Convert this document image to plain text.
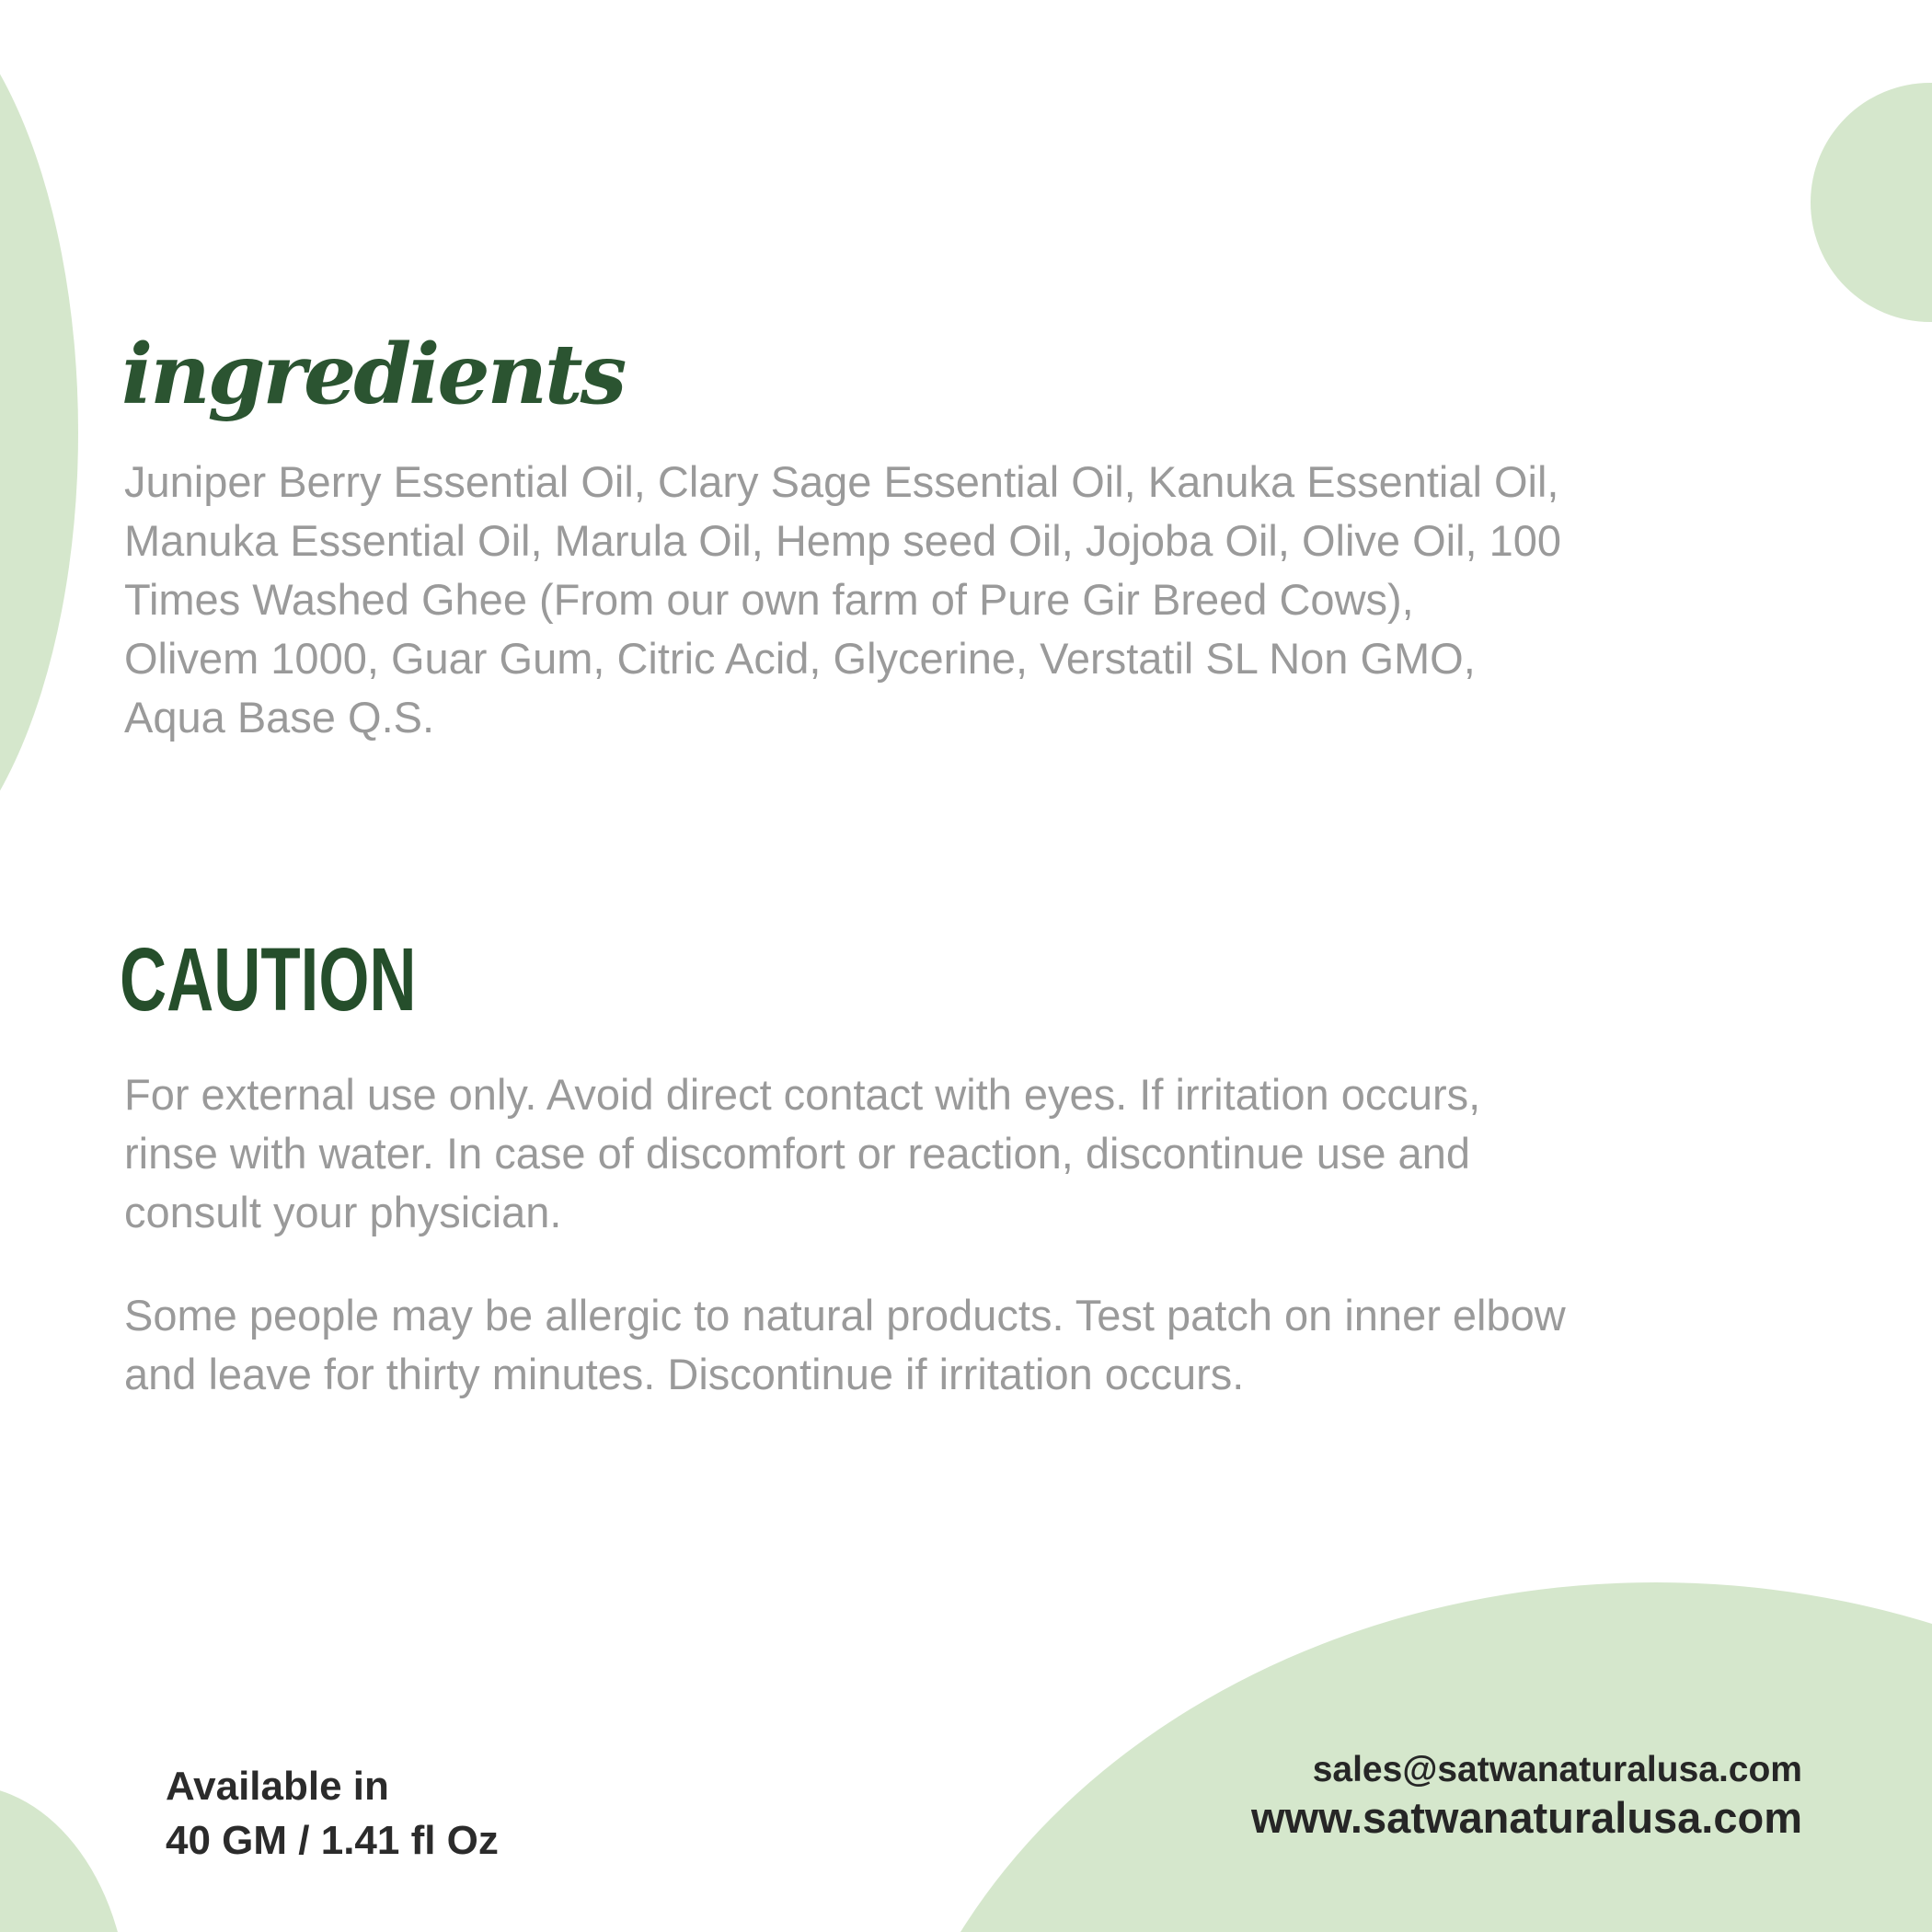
ingredients

Juniper Berry Essential Oil, Clary Sage Essential Oil, Kanuka Essential Oil,
Manuka Essential Oil, Marula Oil, Hemp seed Oil, Jojoba Oil, Olive Oil, 100
Times Washed Ghee (From our own farm of Pure Gir Breed Cows),
Olivem 1000, Guar Gum, Citric Acid, Glycerine, Verstatil SL Non GMO,
Aqua Base Q.S.

CAUTION

For external use only. Avoid direct contact with eyes. If irritation occurs,
rinse with water. In case of discomfort or reaction, discontinue use and
consult your physician.

Some people may be allergic to natural products. Test patch on inner elbow
and leave for thirty minutes. Discontinue if irritation occurs.

Available in
40 GM / 1.41 fl Oz
sales@satwanaturalusa.com
www.satwanaturalusa.com
